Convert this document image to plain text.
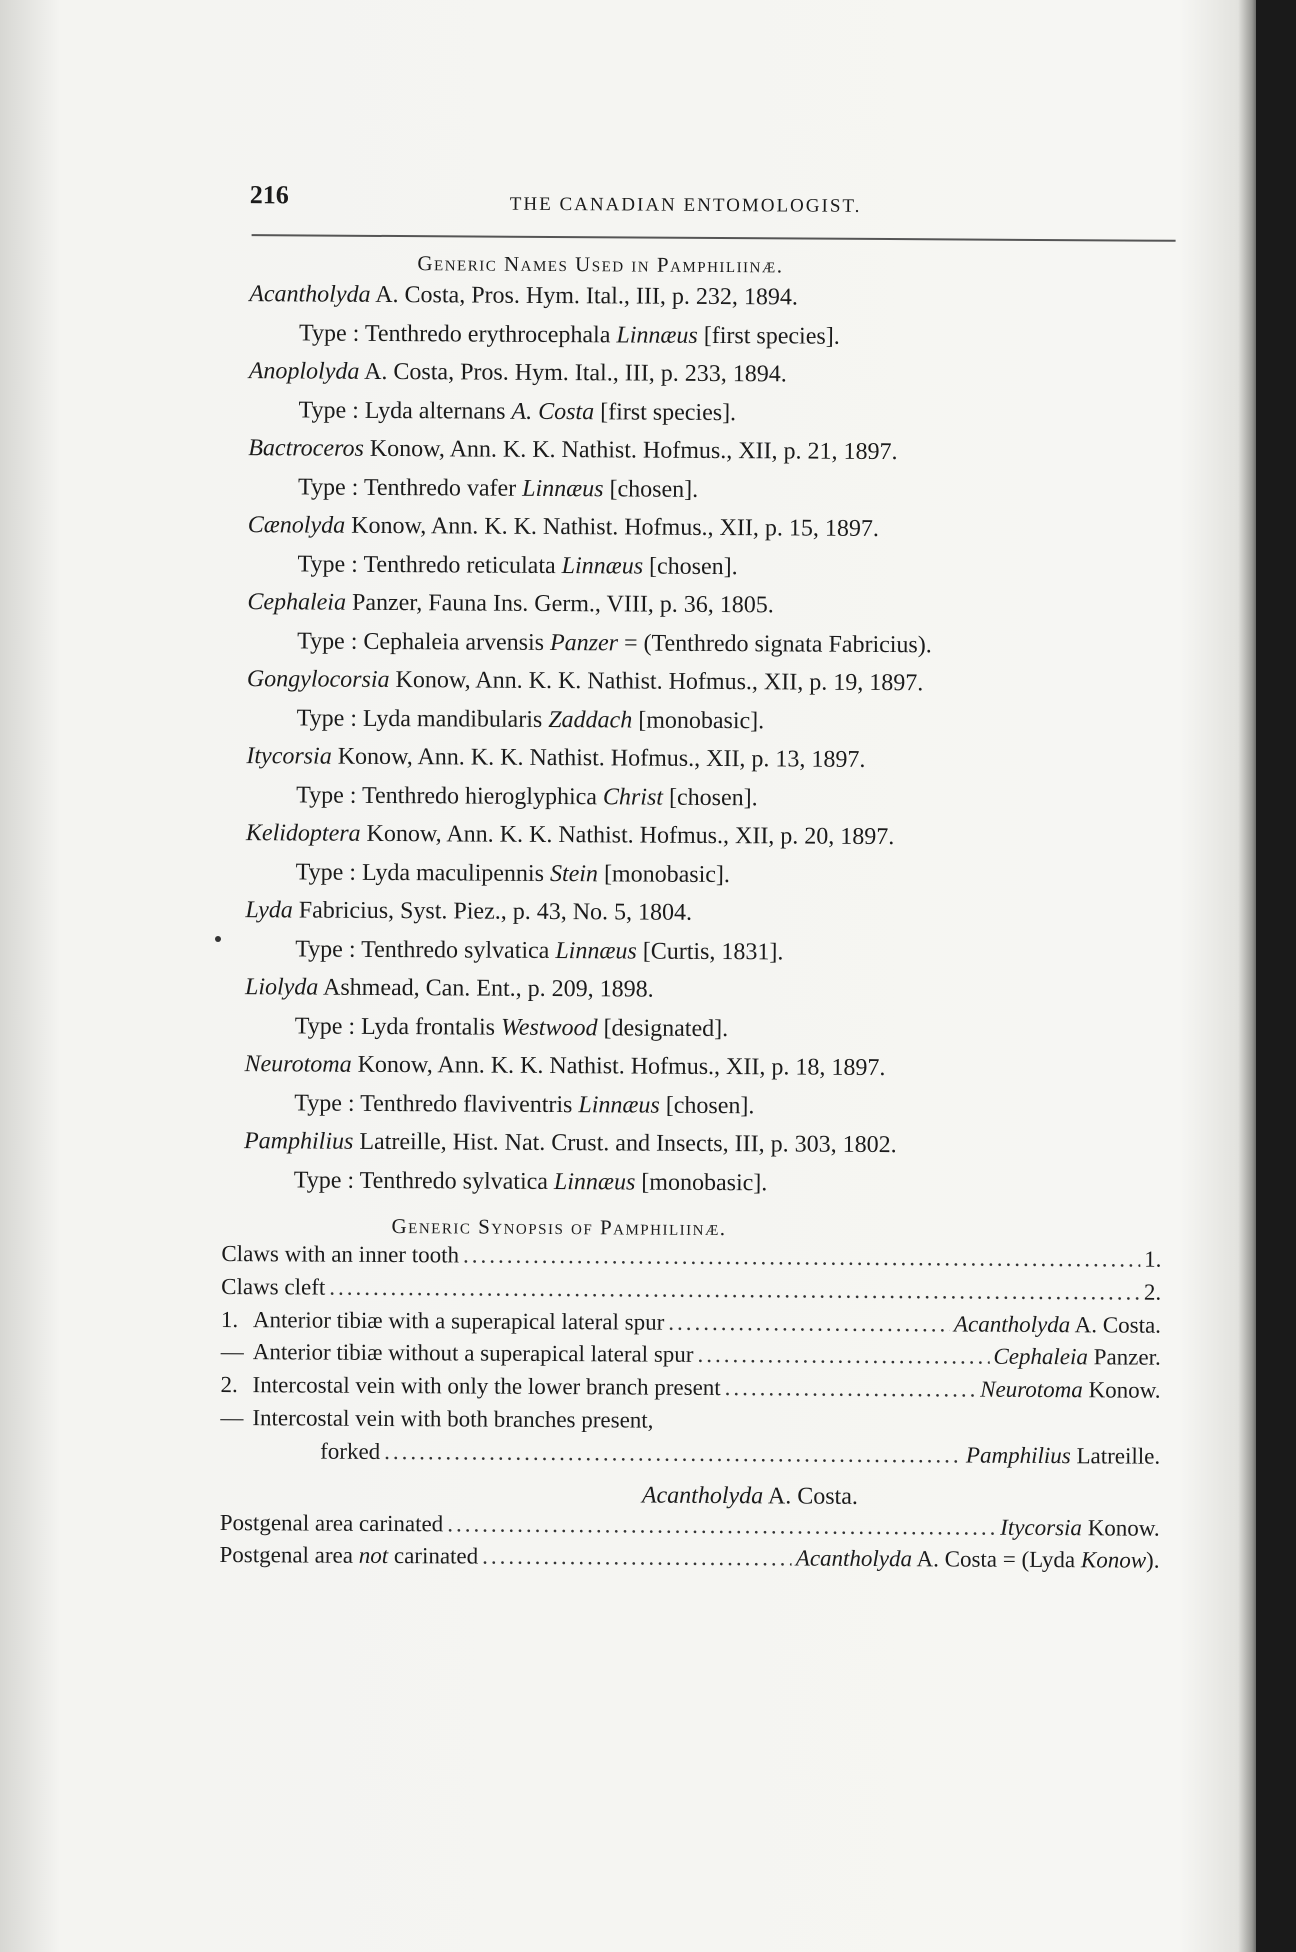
216	THE CANADIAN ENTOMOLOGIST.
Generic Names Used in Pamphiliinæ.
Acantholyda A. Costa, Pros. Hym. Ital., III, p. 232, 1894.
Type : Tenthredo erythrocephala Linnæus [first species].
Anoplolyda A. Costa, Pros. Hym. Ital., III, p. 233, 1894.
Type : Lyda alternans A. Costa [first species].
Bactroceros Konow, Ann. K. K. Nathist. Hofmus., XII, p. 21, 1897.
Type : Tenthredo vafer Linnæus [chosen].
Cænolyda Konow, Ann. K. K. Nathist. Hofmus., XII, p. 15, 1897.
Type : Tenthredo reticulata Linnæus [chosen].
Cephaleia Panzer, Fauna Ins. Germ., VIII, p. 36, 1805.
Type : Cephaleia arvensis Panzer = (Tenthredo signata Fabricius).
Gongylocorsia Konow, Ann. K. K. Nathist. Hofmus., XII, p. 19, 1897.
Type : Lyda mandibularis Zaddach [monobasic].
Itycorsia Konow, Ann. K. K. Nathist. Hofmus., XII, p. 13, 1897.
Type : Tenthredo hieroglyphica Christ [chosen].
Kelidoptera Konow, Ann. K. K. Nathist. Hofmus., XII, p. 20, 1897.
Type : Lyda maculipennis Stein [monobasic].
Lyda Fabricius, Syst. Piez., p. 43, No. 5, 1804.
Type : Tenthredo sylvatica Linnæus [Curtis, 1831].
Liolyda Ashmead, Can. Ent., p. 209, 1898.
Type : Lyda frontalis Westwood [designated].
Neurotoma Konow, Ann. K. K. Nathist. Hofmus., XII, p. 18, 1897.
Type : Tenthredo flaviventris Linnæus [chosen].
Pamphilius Latreille, Hist. Nat. Crust. and Insects, III, p. 303, 1802.
Type : Tenthredo sylvatica Linnæus [monobasic].
Generic Synopsis of Pamphiliinæ.
Claws with an inner tooth .....	1.
Claws cleft .....	2.
1. Anterior tibiæ with a superapical lateral spur .....	Acantholyda A. Costa.
— Anterior tibiæ without a superapical lateral spur .....	Cephaleia Panzer.
2. Intercostal vein with only the lower branch present .....	Neurotoma Konow.
— Intercostal vein with both branches present,
forked .....	Pamphilius Latreille.
Acantholyda A. Costa.
Postgenal area carinated .....	Itycorsia Konow.
Postgenal area not carinated .....	Acantholyda A. Costa = (Lyda Konow).
